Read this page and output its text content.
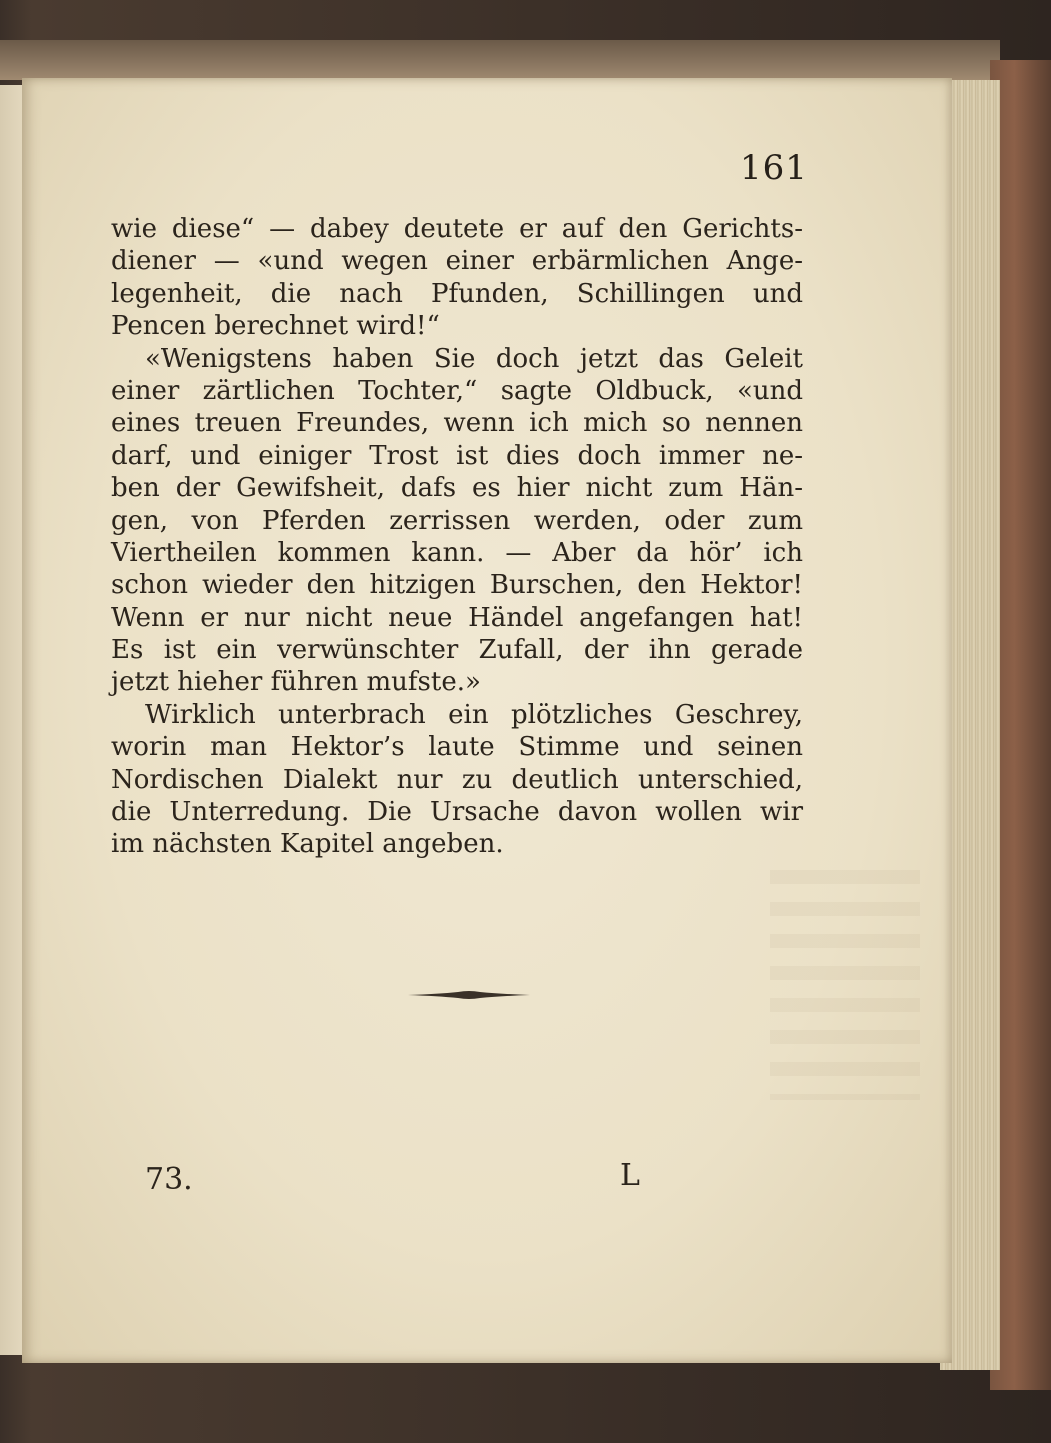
161
wie diese“ — dabey deutete er auf den Gerichts-
diener — «und wegen einer erbärmlichen Ange-
legenheit, die nach Pfunden, Schillingen und
Pencen berechnet wird!“
«Wenigstens haben Sie doch jetzt das Geleit
einer zärtlichen Tochter,“ sagte Oldbuck, «und
eines treuen Freundes, wenn ich mich so nennen
darf, und einiger Trost ist dies doch immer ne-
ben der Gewifsheit, dafs es hier nicht zum Hän-
gen, von Pferden zerrissen werden, oder zum
Viertheilen kommen kann. — Aber da hör’ ich
schon wieder den hitzigen Burschen, den Hektor!
Wenn er nur nicht neue Händel angefangen hat!
Es ist ein verwünschter Zufall, der ihn gerade
jetzt hieher führen mufste.»
Wirklich unterbrach ein plötzliches Geschrey,
worin man Hektor’s laute Stimme und seinen
Nordischen Dialekt nur zu deutlich unterschied,
die Unterredung. Die Ursache davon wollen wir
im nächsten Kapitel angeben.
73.	L
